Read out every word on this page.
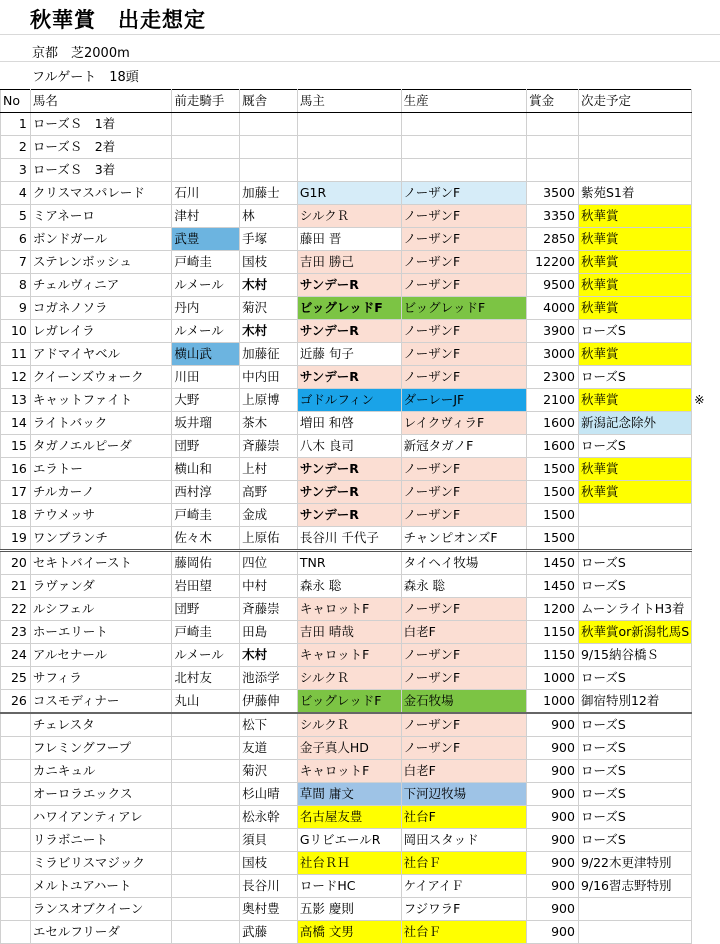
秋華賞　出走想定
京都　芝2000m
フルゲート　18頭
No	馬名	前走騎手	厩舎	馬主	生産	賞金	次走予定	
1	ローズＳ　1着							
2	ローズＳ　2着							
3	ローズＳ　3着							
4	クリスマスパレード	石川	加藤士	G1R	ノーザンF	3500	紫苑S1着	
5	ミアネーロ	津村	林	シルクＲ	ノーザンF	3350	秋華賞	
6	ボンドガール	武豊	手塚	藤田 晋	ノーザンF	2850	秋華賞	
7	ステレンボッシュ	戸崎圭	国枝	吉田 勝己	ノーザンF	12200	秋華賞	
8	チェルヴィニア	ルメール	木村	サンデーR	ノーザンF	9500	秋華賞	
9	コガネノソラ	丹内	菊沢	ビッグレッドF	ビッグレッドF	4000	秋華賞	
10	レガレイラ	ルメール	木村	サンデーR	ノーザンF	3900	ローズS	
11	アドマイヤベル	横山武	加藤征	近藤 旬子	ノーザンF	3000	秋華賞	
12	クイーンズウォーク	川田	中内田	サンデーR	ノーザンF	2300	ローズS	
13	キャットファイト	大野	上原博	ゴドルフィン	ダーレーJF	2100	秋華賞	※
14	ライトバック	坂井瑠	茶木	増田 和啓	レイクヴィラF	1600	新潟記念除外	
15	タガノエルピーダ	団野	斉藤崇	八木 良司	新冠タガノF	1600	ローズS	
16	エラトー	横山和	上村	サンデーR	ノーザンF	1500	秋華賞	
17	チルカーノ	西村淳	高野	サンデーR	ノーザンF	1500	秋華賞	
18	テウメッサ	戸崎圭	金成	サンデーR	ノーザンF	1500		
19	ワンブランチ	佐々木	上原佑	長谷川 千代子	チャンピオンズF	1500		
20	セキトバイースト	藤岡佑	四位	TNR	タイヘイ牧場	1450	ローズS	
21	ラヴァンダ	岩田望	中村	森永 聡	森永 聡	1450	ローズS	
22	ルシフェル	団野	斉藤崇	キャロットF	ノーザンF	1200	ムーンライトH3着	
23	ホーエリート	戸崎圭	田島	吉田 晴哉	白老F	1150	秋華賞or新潟牝馬S	
24	アルセナール	ルメール	木村	キャロットF	ノーザンF	1150	9/15納谷橋Ｓ	
25	サフィラ	北村友	池添学	シルクＲ	ノーザンF	1000	ローズS	
26	コスモディナー	丸山	伊藤伸	ビッグレッドF	金石牧場	1000	御宿特別12着	
	チェレスタ		松下	シルクＲ	ノーザンF	900	ローズS	
	フレミングフープ		友道	金子真人HD	ノーザンF	900	ローズS	
	カニキュル		菊沢	キャロットF	白老F	900	ローズS	
	オーロラエックス		杉山晴	草間 庸文	下河辺牧場	900	ローズS	
	ハワイアンティアレ		松永幹	名古屋友豊	社台F	900	ローズS	
	リラボニート		須貝	GリビエールR	岡田スタッド	900	ローズS	
	ミラビリスマジック		国枝	社台ＲＨ	社台Ｆ	900	9/22木更津特別	
	メルトユアハート		長谷川	ロードHC	ケイアイＦ	900	9/16習志野特別	
	ランスオブクイーン		奥村豊	五影 慶則	フジワラF	900		
	エセルフリーダ		武藤	高橋 文男	社台Ｆ	900		
